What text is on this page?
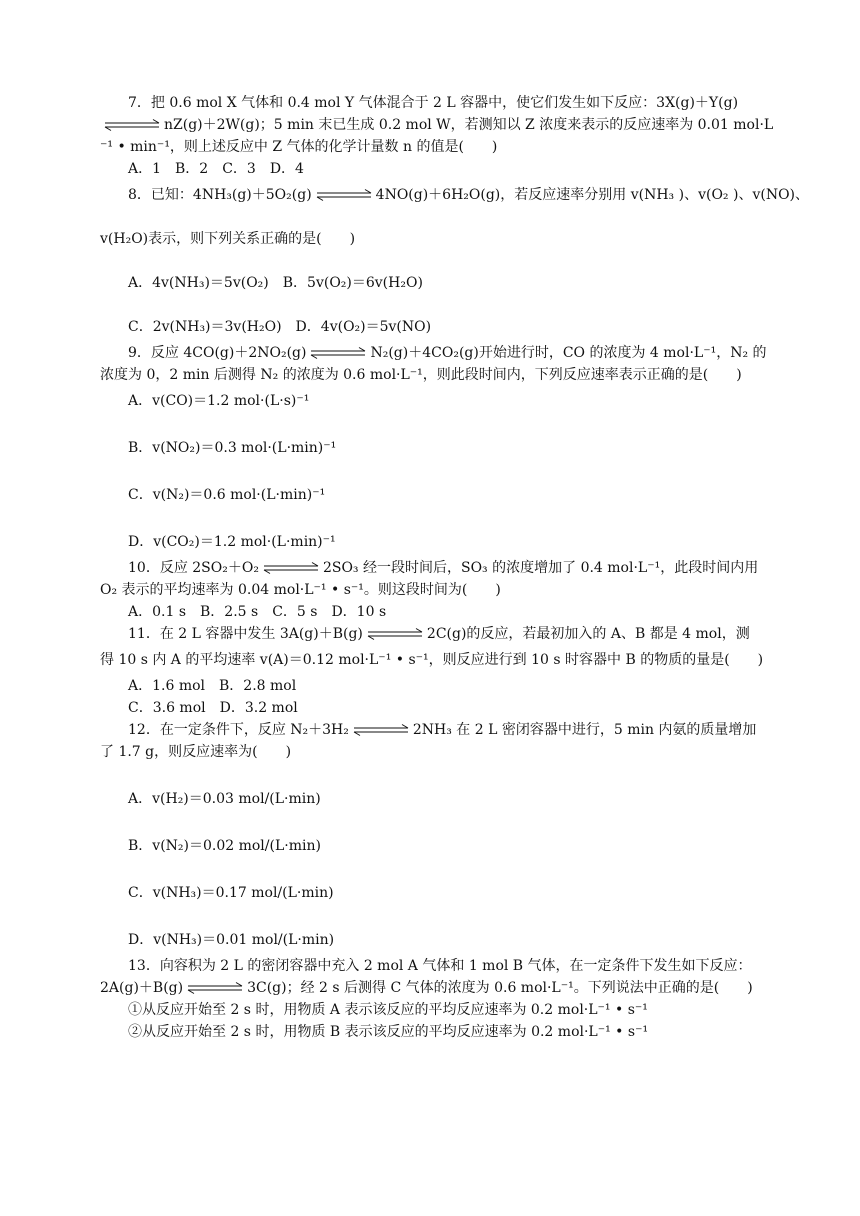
7．把 0.6 mol X 气体和 0.4 mol Y 气体混合于 2 L 容器中，使它们发生如下反应：3X(g)＋Y(g)

nZ(g)＋2W(g)；5 min 末已生成 0.2 mol W，若测知以 Z 浓度来表示的反应速率为 0.01 mol·L

⁻¹ • min⁻¹，则上述反应中 Z 气体的化学计量数 n 的值是(　　)

A．1　B．2　C．3　D．4

8．已知：4NH₃(g)＋5O₂(g)	4NO(g)＋6H₂O(g)，若反应速率分别用 v(NH₃ )、v(O₂ )、v(NO)、

v(H₂O)表示，则下列关系正确的是(　　)

A．4v(NH₃)＝5v(O₂)　B．5v(O₂)＝6v(H₂O)

C．2v(NH₃)＝3v(H₂O)　D．4v(O₂)＝5v(NO)

9．反应 4CO(g)＋2NO₂(g)	N₂(g)＋4CO₂(g)开始进行时，CO 的浓度为 4 mol·L⁻¹，N₂ 的

浓度为 0，2 min 后测得 N₂ 的浓度为 0.6 mol·L⁻¹，则此段时间内，下列反应速率表示正确的是(　　)

A．v(CO)＝1.2 mol·(L·s)⁻¹

B．v(NO₂)＝0.3 mol·(L·min)⁻¹

C．v(N₂)＝0.6 mol·(L·min)⁻¹

D．v(CO₂)＝1.2 mol·(L·min)⁻¹

10．反应 2SO₂＋O₂	2SO₃ 经一段时间后，SO₃ 的浓度增加了 0.4 mol·L⁻¹，此段时间内用

O₂ 表示的平均速率为 0.04 mol·L⁻¹ • s⁻¹。则这段时间为(　　)

A．0.1 s　B．2.5 s　C．5 s　D．10 s

11．在 2 L 容器中发生 3A(g)＋B(g)	2C(g)的反应，若最初加入的 A、B 都是 4 mol，测

得 10 s 内 A 的平均速率 v(A)＝0.12 mol·L⁻¹ • s⁻¹，则反应进行到 10 s 时容器中 B 的物质的量是(　　)

A．1.6 mol　B．2.8 mol

C．3.6 mol　D．3.2 mol

12．在一定条件下，反应 N₂＋3H₂	2NH₃ 在 2 L 密闭容器中进行，5 min 内氨的质量增加

了 1.7 g，则反应速率为(　　)

A．v(H₂)＝0.03 mol/(L·min)

B．v(N₂)＝0.02 mol/(L·min)

C．v(NH₃)＝0.17 mol/(L·min)

D．v(NH₃)＝0.01 mol/(L·min)

13．向容积为 2 L 的密闭容器中充入 2 mol A 气体和 1 mol B 气体，在一定条件下发生如下反应：

2A(g)＋B(g)	3C(g)；经 2 s 后测得 C 气体的浓度为 0.6 mol·L⁻¹。下列说法中正确的是(　　)

①从反应开始至 2 s 时，用物质 A 表示该反应的平均反应速率为 0.2 mol·L⁻¹ • s⁻¹

②从反应开始至 2 s 时，用物质 B 表示该反应的平均反应速率为 0.2 mol·L⁻¹ • s⁻¹
